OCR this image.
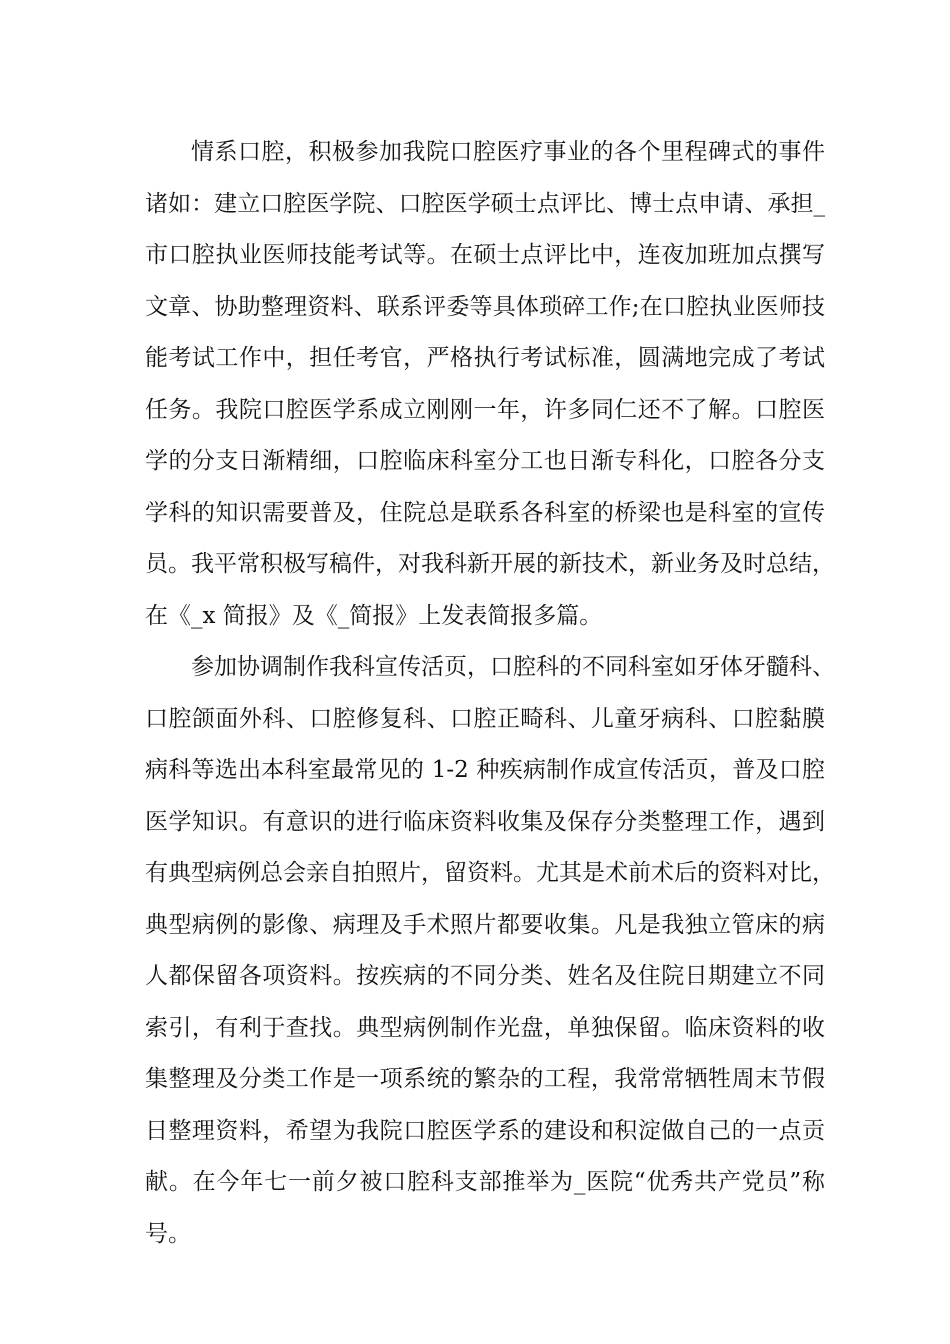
情系口腔，积极参加我院口腔医疗事业的各个里程碑式的事件
诸如：建立口腔医学院、口腔医学硕士点评比、博士点申请、承担_
市口腔执业医师技能考试等。在硕士点评比中，连夜加班加点撰写
文章、协助整理资料、联系评委等具体琐碎工作;在口腔执业医师技
能考试工作中，担任考官，严格执行考试标准，圆满地完成了考试
任务。我院口腔医学系成立刚刚一年，许多同仁还不了解。口腔医
学的分支日渐精细，口腔临床科室分工也日渐专科化，口腔各分支
学科的知识需要普及，住院总是联系各科室的桥梁也是科室的宣传
员。我平常积极写稿件，对我科新开展的新技术，新业务及时总结，
在《_x 简报》及《_简报》上发表简报多篇。
参加协调制作我科宣传活页，口腔科的不同科室如牙体牙髓科、
口腔颌面外科、口腔修复科、口腔正畸科、儿童牙病科、口腔黏膜
病科等选出本科室最常见的 1-2 种疾病制作成宣传活页，普及口腔
医学知识。有意识的进行临床资料收集及保存分类整理工作，遇到
有典型病例总会亲自拍照片，留资料。尤其是术前术后的资料对比，
典型病例的影像、病理及手术照片都要收集。凡是我独立管床的病
人都保留各项资料。按疾病的不同分类、姓名及住院日期建立不同
索引，有利于查找。典型病例制作光盘，单独保留。临床资料的收
集整理及分类工作是一项系统的繁杂的工程，我常常牺牲周末节假
日整理资料，希望为我院口腔医学系的建设和积淀做自己的一点贡
献。在今年七一前夕被口腔科支部推举为_医院“优秀共产党员”称
号。
